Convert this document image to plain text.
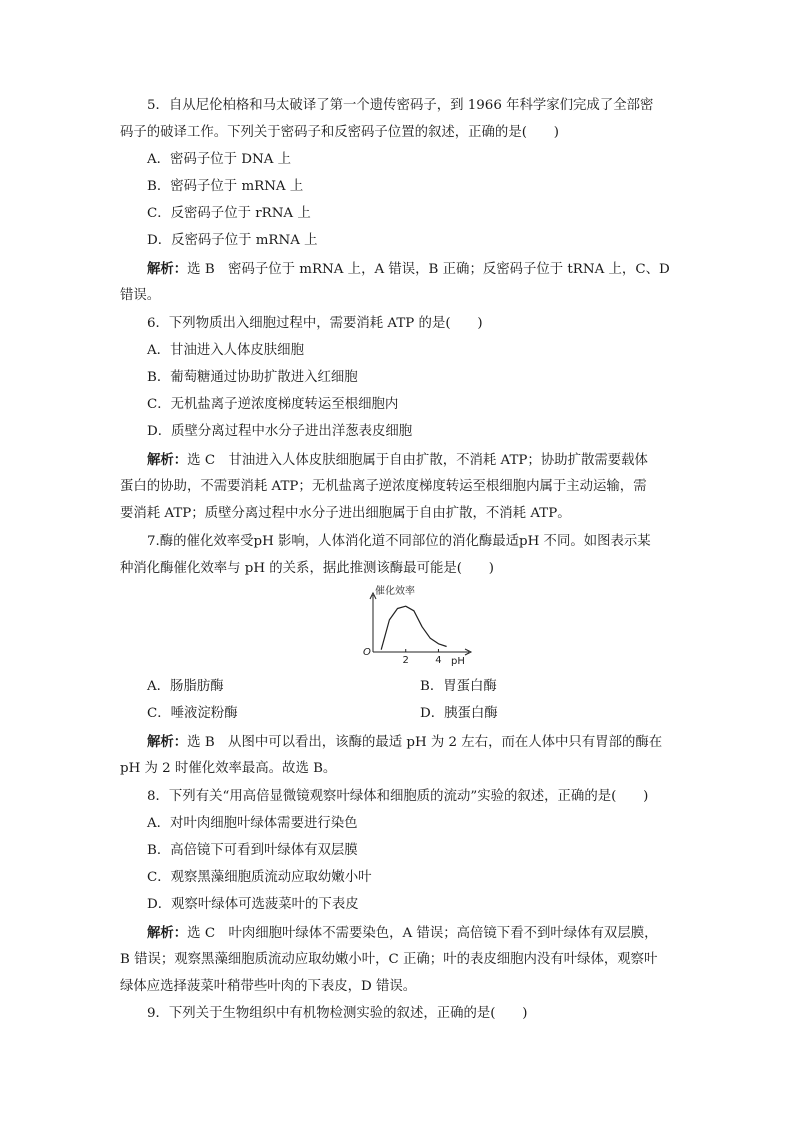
5．自从尼伦柏格和马太破译了第一个遗传密码子，到 1966 年科学家们完成了全部密
码子的破译工作。下列关于密码子和反密码子位置的叙述，正确的是(　　)
A．密码子位于 DNA 上
B．密码子位于 mRNA 上
C．反密码子位于 rRNA 上
D．反密码子位于 mRNA 上
解析：选 B　密码子位于 mRNA 上，A 错误，B 正确；反密码子位于 tRNA 上，C、D
错误。
6．下列物质出入细胞过程中，需要消耗 ATP 的是(　　)
A．甘油进入人体皮肤细胞
B．葡萄糖通过协助扩散进入红细胞
C．无机盐离子逆浓度梯度转运至根细胞内
D．质壁分离过程中水分子进出洋葱表皮细胞
解析：选 C　甘油进入人体皮肤细胞属于自由扩散，不消耗 ATP；协助扩散需要载体
蛋白的协助，不需要消耗 ATP；无机盐离子逆浓度梯度转运至根细胞内属于主动运输，需
要消耗 ATP；质壁分离过程中水分子进出细胞属于自由扩散，不消耗 ATP。
7.酶的催化效率受pH 影响，人体消化道不同部位的消化酶最适pH 不同。如图表示某
种消化酶催化效率与 pH 的关系，据此推测该酶最可能是(　　)
催化效率
pH
O
2	4
A．肠脂肪酶	B．胃蛋白酶
C．唾液淀粉酶	D．胰蛋白酶
解析：选 B　从图中可以看出，该酶的最适 pH 为 2 左右，而在人体中只有胃部的酶在
pH 为 2 时催化效率最高。故选 B。
8．下列有关“用高倍显微镜观察叶绿体和细胞质的流动”实验的叙述，正确的是(　　)
A．对叶肉细胞叶绿体需要进行染色
B．高倍镜下可看到叶绿体有双层膜
C．观察黑藻细胞质流动应取幼嫩小叶
D．观察叶绿体可选菠菜叶的下表皮
解析：选 C　叶肉细胞叶绿体不需要染色，A 错误；高倍镜下看不到叶绿体有双层膜，
B 错误；观察黑藻细胞质流动应取幼嫩小叶，C 正确；叶的表皮细胞内没有叶绿体，观察叶
绿体应选择菠菜叶稍带些叶肉的下表皮，D 错误。
9．下列关于生物组织中有机物检测实验的叙述，正确的是(　　)
